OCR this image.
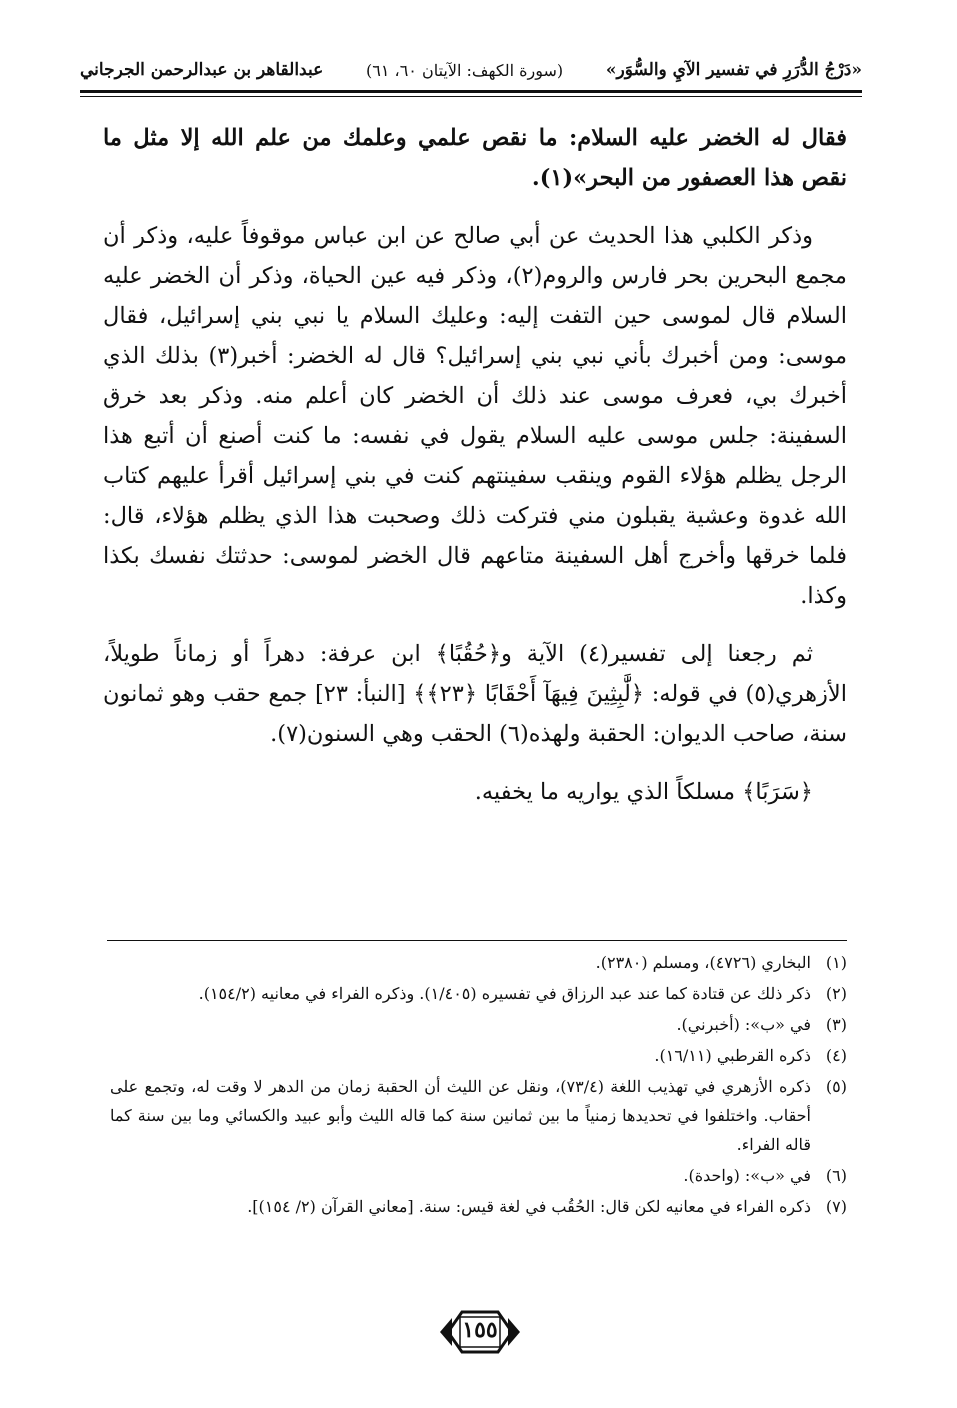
«دَرْجُ الدُّرَرِ في تفسير الآيِ والسُّوَر»
(سورة الكهف: الآيتان ٦٠، ٦١)
عبدالقاهر بن عبدالرحمن الجرجاني

فقال له الخضر عليه السلام: ما نقص علمي وعلمك من علم الله إلا مثل ما نقص هذا العصفور من البحر»(١).

وذكر الكلبي هذا الحديث عن أبي صالح عن ابن عباس موقوفاً عليه، وذكر أن مجمع البحرين بحر فارس والروم(٢)، وذكر فيه عين الحياة، وذكر أن الخضر عليه السلام قال لموسى حين التفت إليه: وعليك السلام يا نبي بني إسرائيل، فقال موسى: ومن أخبرك بأني نبي بني إسرائيل؟ قال له الخضر: أخبر(٣) بذلك الذي أخبرك بي، فعرف موسى عند ذلك أن الخضر كان أعلم منه. وذكر بعد خرق السفينة: جلس موسى عليه السلام يقول في نفسه: ما كنت أصنع أن أتبع هذا الرجل يظلم هؤلاء القوم وينقب سفينتهم كنت في بني إسرائيل أقرأ عليهم كتاب الله غدوة وعشية يقبلون مني فتركت ذلك وصحبت هذا الذي يظلم هؤلاء، قال: فلما خرقها وأخرج أهل السفينة متاعهم قال الخضر لموسى: حدثتك نفسك بكذا وكذا.

ثم رجعنا إلى تفسير(٤) الآية و﴿حُقُبًا﴾ ابن عرفة: دهراً أو زماناً طويلاً، الأزهري(٥) في قوله: ﴿لَّٰبِثِينَ فِيهَآ أَحْقَابًا ﴿٢٣﴾﴾ [النبأ: ٢٣] جمع حقب وهو ثمانون سنة، صاحب الديوان: الحقبة ولهذه(٦) الحقب وهي السنون(٧).

﴿سَرَبًا﴾ مسلكاً الذي يواريه ما يخفيه.

(١)
البخاري (٤٧٢٦)، ومسلم (٢٣٨٠).
(٢)
ذكر ذلك عن قتادة كما عند عبد الرزاق في تفسيره (١/٤٠٥). وذكره الفراء في معانيه (١٥٤/٢).
(٣)
في «ب»: (أخبرني).
(٤)
ذكره القرطبي (١٦/١١).
(٥)
ذكره الأزهري في تهذيب اللغة (٧٣/٤)، ونقل عن الليث أن الحقبة زمان من الدهر لا وقت له، وتجمع على أحقاب. واختلفوا في تحديدها زمنياً ما بين ثمانين سنة كما قاله الليث وأبو عبيد والكسائي وما بين سنة كما قاله الفراء.
(٦)
في «ب»: (واحدة).
(٧)
ذكره الفراء في معانيه لكن قال: الحُقُب في لغة قيس: سنة. [معاني القرآن (٢/ ١٥٤)].
١٥٥
